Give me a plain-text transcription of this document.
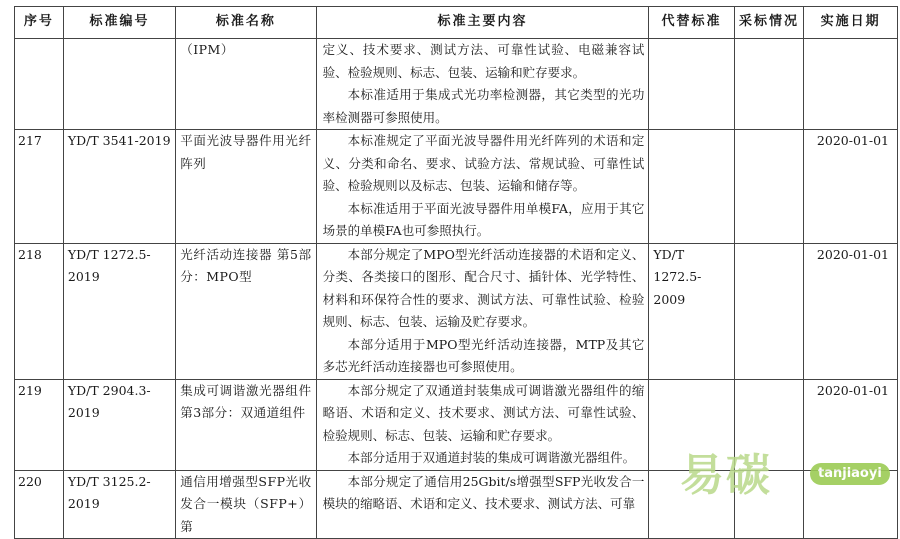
序号	标准编号	标准名称	标准主要内容	代替标准	采标情况	实施日期
		（IPM）	定义、技术要求、测试方法、可靠性试验、电磁兼容试验、检验规则、标志、包装、运输和贮存要求。

本标准适用于集成式光功率检测器，其它类型的光功率检测器可参照使用。			

217	YD/T 3541-2019	平面光波导器件用光纤阵列	本标准规定了平面光波导器件用光纤阵列的术语和定义、分类和命名、要求、试验方法、常规试验、可靠性试验、检验规则以及标志、包装、运输和储存等。

本标准适用于平面光波导器件用单模FA，应用于其它场景的单模FA也可参照执行。			2020-01-01
218	YD/T 1272.5-2019	光纤活动连接器 第5部分：MPO型	本部分规定了MPO型光纤活动连接器的术语和定义、分类、各类接口的图形、配合尺寸、插针体、光学特性、材料和环保符合性的要求、测试方法、可靠性试验、检验规则、标志、包装、运输及贮存要求。

本部分适用于MPO型光纤活动连接器，MTP及其它多芯光纤活动连接器也可参照使用。	YD/T 1272.5-2009		2020-01-01
219	YD/T 2904.3-2019	集成可调谐激光器组件 第3部分：双通道组件	本部分规定了双通道封装集成可调谐激光器组件的缩略语、术语和定义、技术要求、测试方法、可靠性试验、检验规则、标志、包装、运输和贮存要求。

本部分适用于双通道封装的集成可调谐激光器组件。			2020-01-01
220	YD/T 3125.2-2019	通信用增强型SFP光收发合一模块（SFP+） 第	本部分规定了通信用25Gbit/s增强型SFP光收发合一模块的缩略语、术语和定义、技术要求、测试方法、可靠			

易碳	tanjiaoyi
